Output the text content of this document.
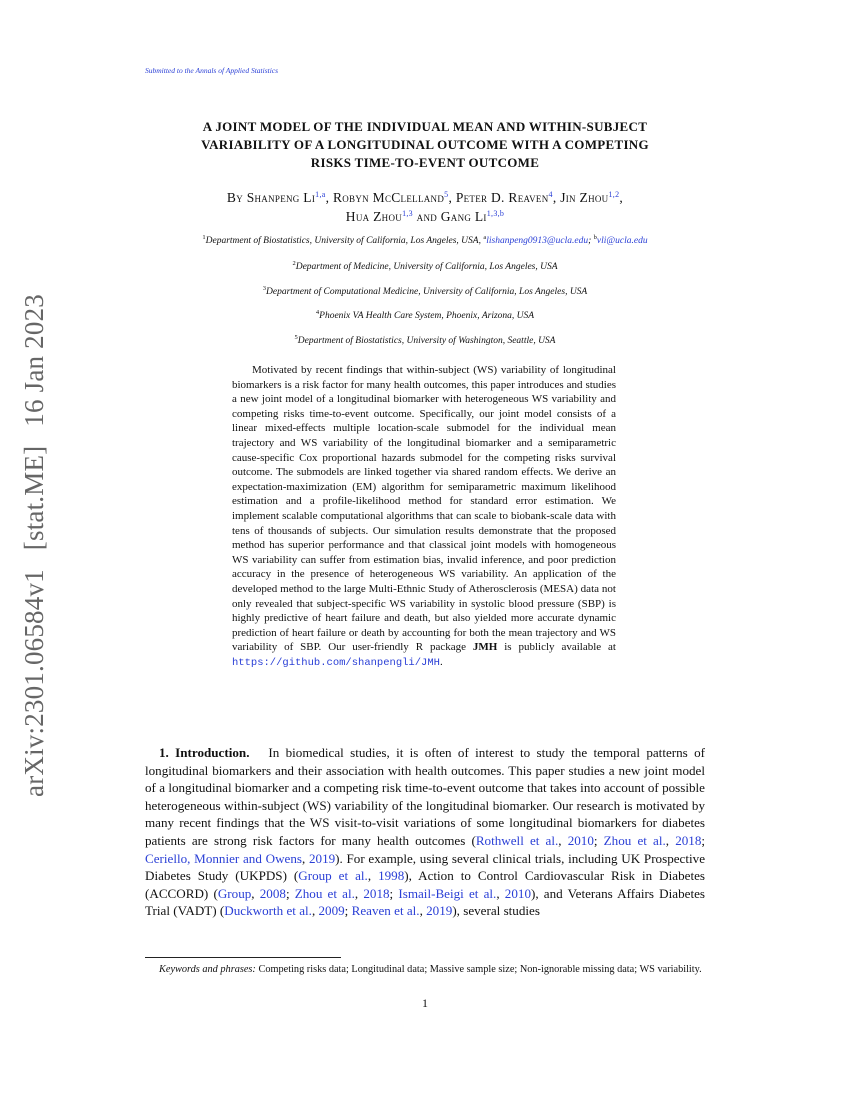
Submitted to the Annals of Applied Statistics
arXiv:2301.06584v1 [stat.ME] 16 Jan 2023
A JOINT MODEL OF THE INDIVIDUAL MEAN AND WITHIN-SUBJECT
VARIABILITY OF A LONGITUDINAL OUTCOME WITH A COMPETING
RISKS TIME-TO-EVENT OUTCOME
By Shanpeng Li$^{1,a}$, Robyn McClelland$^5$, Peter D. Reaven$^4$, Jin Zhou$^{1,2}$,
Hua Zhou$^{1,3}$ and Gang Li$^{1,3,b}$
$^1$Department of Biostatistics, University of California, Los Angeles, USA, $^a$lishanpeng0913@ucla.edu; $^b$vli@ucla.edu
$^2$Department of Medicine, University of California, Los Angeles, USA
$^3$Department of Computational Medicine, University of California, Los Angeles, USA
$^4$Phoenix VA Health Care System, Phoenix, Arizona, USA
$^5$Department of Biostatistics, University of Washington, Seattle, USA
Motivated by recent findings that within-subject (WS) variability of longitudinal biomarkers is a risk factor for many health outcomes, this paper introduces and studies a new joint model of a longitudinal biomarker with heterogeneous WS variability and competing risks time-to-event outcome. Specifically, our joint model consists of a linear mixed-effects multiple location-scale submodel for the individual mean trajectory and WS variability of the longitudinal biomarker and a semiparametric cause-specific Cox proportional hazards submodel for the competing risks survival outcome. The submodels are linked together via shared random effects. We derive an expectation-maximization (EM) algorithm for semiparametric maximum likelihood estimation and a profile-likelihood method for standard error estimation. We implement scalable computational algorithms that can scale to biobank-scale data with tens of thousands of subjects. Our simulation results demonstrate that the proposed method has superior performance and that classical joint models with homogeneous WS variability can suffer from estimation bias, invalid inference, and poor prediction accuracy in the presence of heterogeneous WS variability. An application of the developed method to the large Multi-Ethnic Study of Atherosclerosis (MESA) data not only revealed that subject-specific WS variability in systolic blood pressure (SBP) is highly predictive of heart failure and death, but also yielded more accurate dynamic prediction of heart failure or death by accounting for both the mean trajectory and WS variability of SBP. Our user-friendly R package JMH is publicly available at https://github.com/shanpengli/JMH.
1. Introduction. In biomedical studies, it is often of interest to study the temporal patterns of longitudinal biomarkers and their association with health outcomes. This paper studies a new joint model of a longitudinal biomarker and a competing risk time-to-event outcome that takes into account of possible heterogeneous within-subject (WS) variability of the longitudinal biomarker. Our research is motivated by many recent findings that the WS visit-to-visit variations of some longitudinal biomarkers for diabetes patients are strong risk factors for many health outcomes (Rothwell et al., 2010; Zhou et al., 2018; Ceriello, Monnier and Owens, 2019). For example, using several clinical trials, including UK Prospective Diabetes Study (UKPDS) (Group et al., 1998), Action to Control Cardiovascular Risk in Diabetes (ACCORD) (Group, 2008; Zhou et al., 2018; Ismail-Beigi et al., 2010), and Veterans Affairs Diabetes Trial (VADT) (Duckworth et al., 2009; Reaven et al., 2019), several studies
Keywords and phrases: Competing risks data; Longitudinal data; Massive sample size; Non-ignorable missing data; WS variability.
1
